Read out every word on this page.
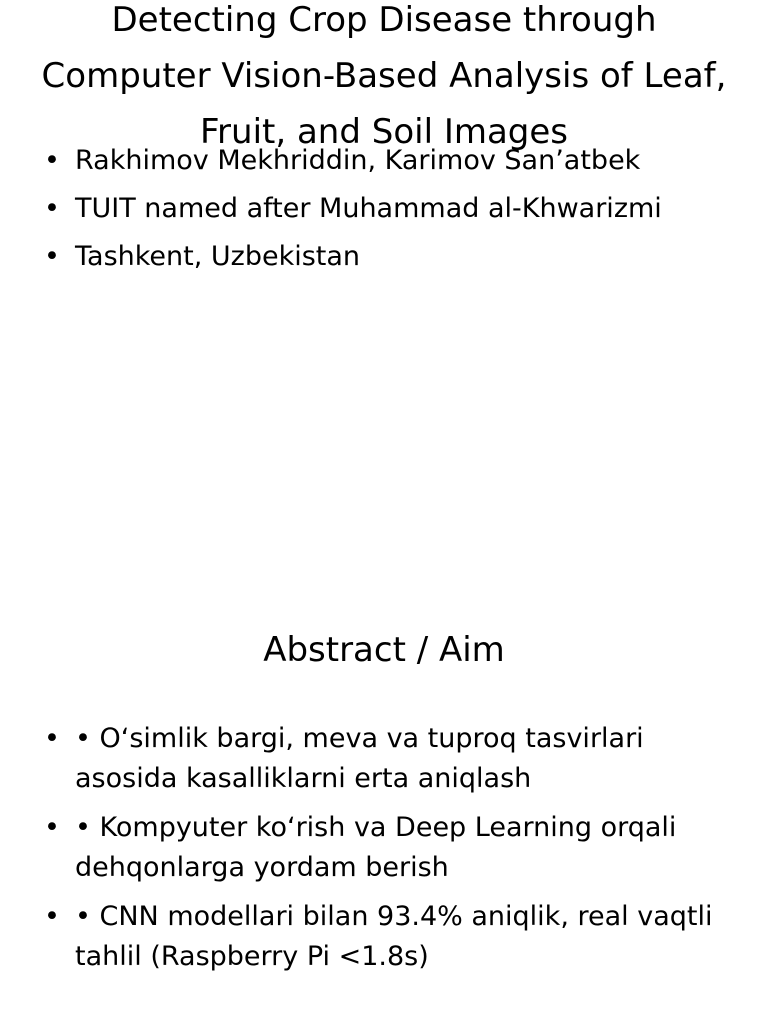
Detecting Crop Disease through Computer Vision-Based Analysis of Leaf, Fruit, and Soil Images
• Rakhimov Mekhriddin, Karimov San’atbek
• TUIT named after Muhammad al-Khwarizmi
• Tashkent, Uzbekistan
Abstract / Aim
• • Oʻsimlik bargi, meva va tuproq tasvirlari asosida kasalliklarni erta aniqlash
• • Kompyuter koʻrish va Deep Learning orqali dehqonlarga yordam berish
• • CNN modellari bilan 93.4% aniqlik, real vaqtli tahlil (Raspberry Pi <1.8s)
